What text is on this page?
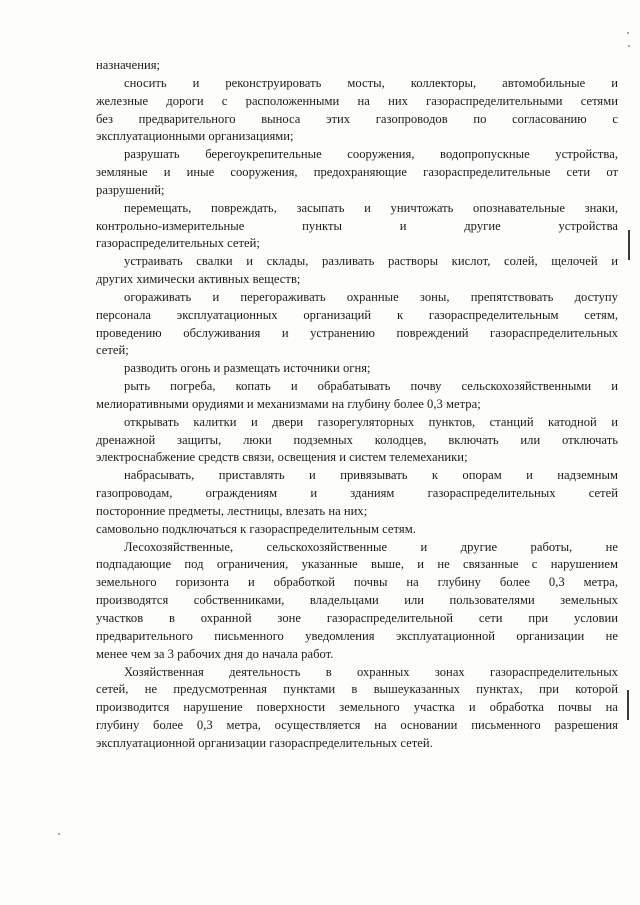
назначения;
сносить и реконструировать мосты, коллекторы, автомобильные и
железные дороги с расположенными на них газораспределительными сетями
без предварительного выноса этих газопроводов по согласованию с
эксплуатационными организациями;
разрушать берегоукрепительные сооружения, водопропускные устройства,
земляные и иные сооружения, предохраняющие газораспределительные сети от
разрушений;
перемещать, повреждать, засыпать и уничтожать опознавательные знаки,
контрольно-измерительные пункты и другие устройства
газораспределительных сетей;
устраивать свалки и склады, разливать растворы кислот, солей, щелочей и
других химически активных веществ;
огораживать и перегораживать охранные зоны, препятствовать доступу
персонала эксплуатационных организаций к газораспределительным сетям,
проведению обслуживания и устранению повреждений газораспределительных
сетей;
разводить огонь и размещать источники огня;
рыть погреба, копать и обрабатывать почву сельскохозяйственными и
мелиоративными орудиями и механизмами на глубину более 0,3 метра;
открывать калитки и двери газорегуляторных пунктов, станций катодной и
дренажной защиты, люки подземных колодцев, включать или отключать
электроснабжение средств связи, освещения и систем телемеханики;
набрасывать, приставлять и привязывать к опорам и надземным
газопроводам, ограждениям и зданиям газораспределительных сетей
посторонние предметы, лестницы, влезать на них;
самовольно подключаться к газораспределительным сетям.
Лесохозяйственные, сельскохозяйственные и другие работы, не
подпадающие под ограничения, указанные выше, и не связанные с нарушением
земельного горизонта и обработкой почвы на глубину более 0,3 метра,
производятся собственниками, владельцами или пользователями земельных
участков в охранной зоне газораспределительной сети при условии
предварительного письменного уведомления эксплуатационной организации не
менее чем за 3 рабочих дня до начала работ.
Хозяйственная деятельность в охранных зонах газораспределительных
сетей, не предусмотренная пунктами в вышеуказанных пунктах, при которой
производится нарушение поверхности земельного участка и обработка почвы на
глубину более 0,3 метра, осуществляется на основании письменного разрешения
эксплуатационной организации газораспределительных сетей.
